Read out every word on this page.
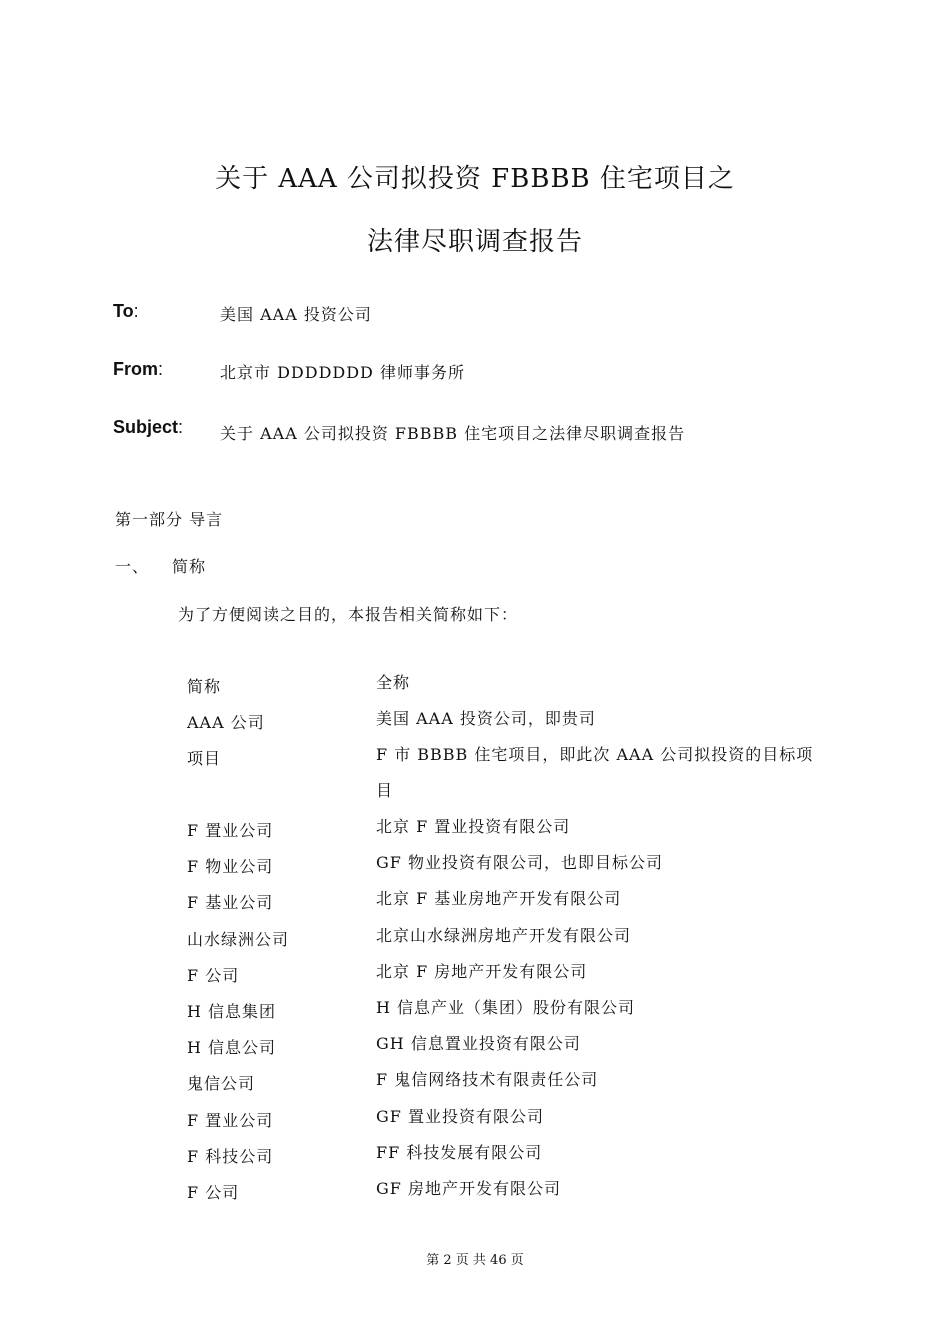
关于 AAA 公司拟投资 FBBBB 住宅项目之
法律尽职调查报告
To:	美国 AAA 投资公司
From:	北京市 DDDDDDD 律师事务所
Subject: 关于 AAA 公司拟投资 FBBBB 住宅项目之法律尽职调查报告
第一部分 导言
一、 简称
为了方便阅读之目的，本报告相关简称如下：
简称	全称
AAA 公司	美国 AAA 投资公司，即贵司
项目	F 市 BBBB 住宅项目，即此次 AAA 公司拟投资的目标项目
F 置业公司	北京 F 置业投资有限公司
F 物业公司	GF 物业投资有限公司，也即目标公司
F 基业公司	北京 F 基业房地产开发有限公司
山水绿洲公司	北京山水绿洲房地产开发有限公司
F 公司	北京 F 房地产开发有限公司
H 信息集团	H 信息产业（集团）股份有限公司
H 信息公司	GH 信息置业投资有限公司
鬼信公司	F 鬼信网络技术有限责任公司
F 置业公司	GF 置业投资有限公司
F 科技公司	FF 科技发展有限公司
F 公司	GF 房地产开发有限公司
第 2 页 共 46 页
